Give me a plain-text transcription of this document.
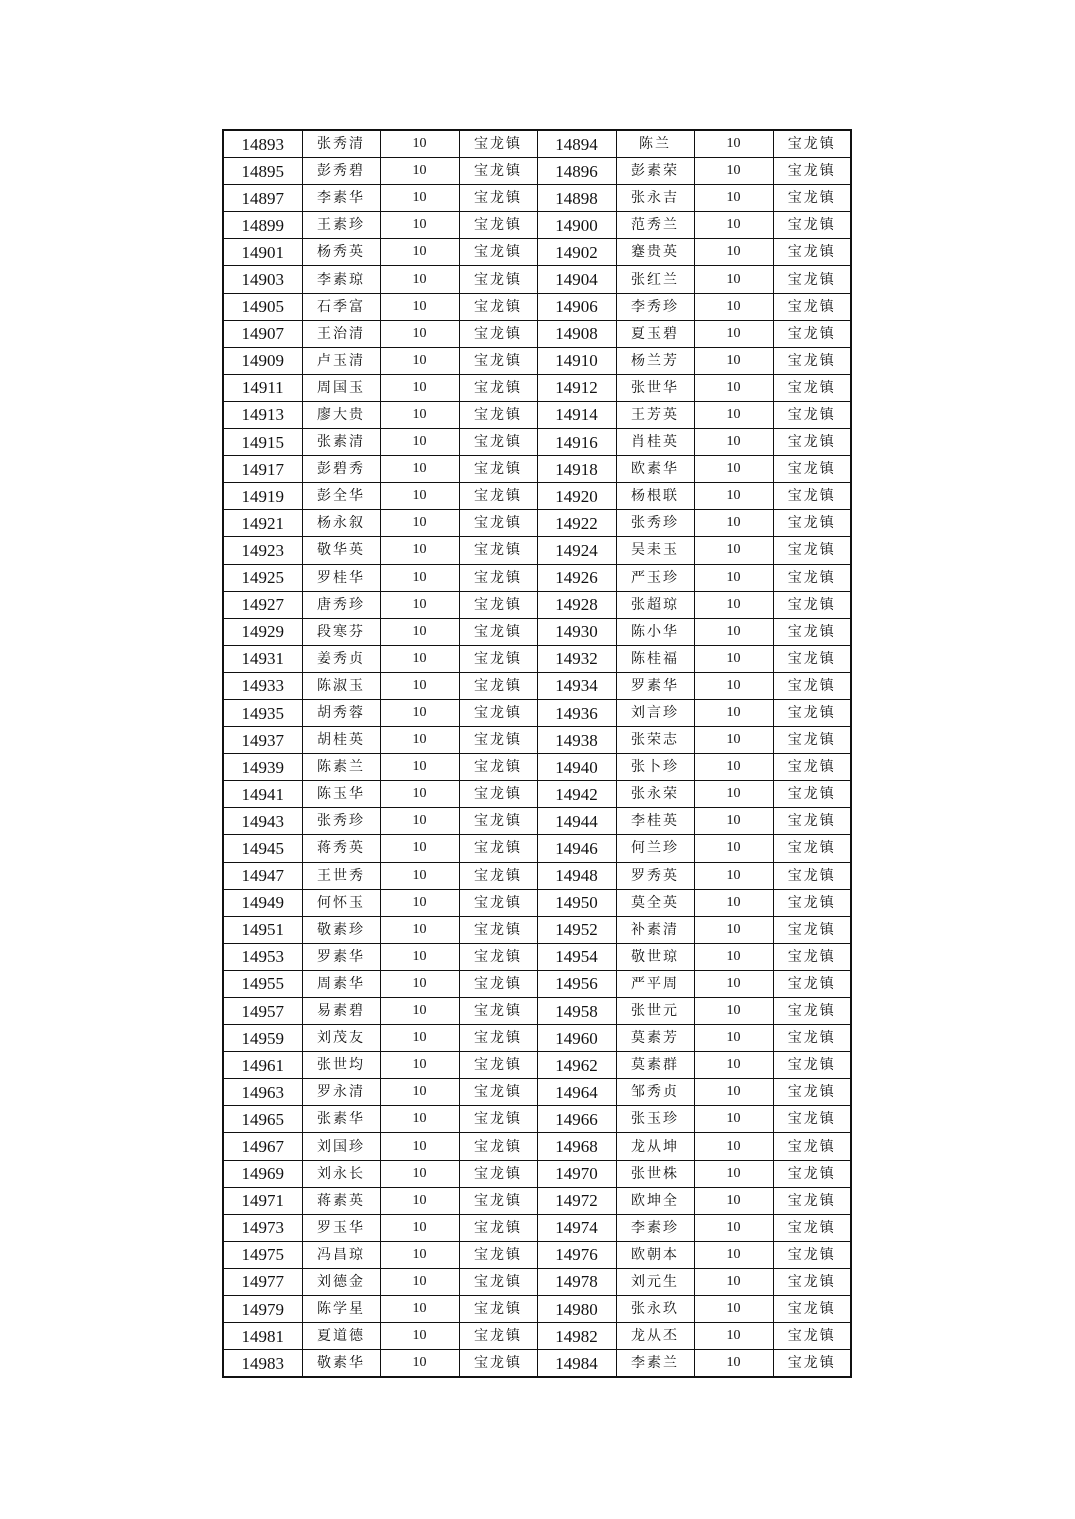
14893	张秀清	10	宝龙镇	14894	陈兰	10	宝龙镇
14895	彭秀碧	10	宝龙镇	14896	彭素荣	10	宝龙镇
14897	李素华	10	宝龙镇	14898	张永吉	10	宝龙镇
14899	王素珍	10	宝龙镇	14900	范秀兰	10	宝龙镇
14901	杨秀英	10	宝龙镇	14902	蹇贵英	10	宝龙镇
14903	李素琼	10	宝龙镇	14904	张红兰	10	宝龙镇
14905	石季富	10	宝龙镇	14906	李秀珍	10	宝龙镇
14907	王治清	10	宝龙镇	14908	夏玉碧	10	宝龙镇
14909	卢玉清	10	宝龙镇	14910	杨兰芳	10	宝龙镇
14911	周国玉	10	宝龙镇	14912	张世华	10	宝龙镇
14913	廖大贵	10	宝龙镇	14914	王芳英	10	宝龙镇
14915	张素清	10	宝龙镇	14916	肖桂英	10	宝龙镇
14917	彭碧秀	10	宝龙镇	14918	欧素华	10	宝龙镇
14919	彭全华	10	宝龙镇	14920	杨根联	10	宝龙镇
14921	杨永叙	10	宝龙镇	14922	张秀珍	10	宝龙镇
14923	敬华英	10	宝龙镇	14924	吴耒玉	10	宝龙镇
14925	罗桂华	10	宝龙镇	14926	严玉珍	10	宝龙镇
14927	唐秀珍	10	宝龙镇	14928	张超琼	10	宝龙镇
14929	段寒芬	10	宝龙镇	14930	陈小华	10	宝龙镇
14931	姜秀贞	10	宝龙镇	14932	陈桂福	10	宝龙镇
14933	陈淑玉	10	宝龙镇	14934	罗素华	10	宝龙镇
14935	胡秀蓉	10	宝龙镇	14936	刘言珍	10	宝龙镇
14937	胡桂英	10	宝龙镇	14938	张荣志	10	宝龙镇
14939	陈素兰	10	宝龙镇	14940	张卜珍	10	宝龙镇
14941	陈玉华	10	宝龙镇	14942	张永荣	10	宝龙镇
14943	张秀珍	10	宝龙镇	14944	李桂英	10	宝龙镇
14945	蒋秀英	10	宝龙镇	14946	何兰珍	10	宝龙镇
14947	王世秀	10	宝龙镇	14948	罗秀英	10	宝龙镇
14949	何怀玉	10	宝龙镇	14950	莫全英	10	宝龙镇
14951	敬素珍	10	宝龙镇	14952	补素清	10	宝龙镇
14953	罗素华	10	宝龙镇	14954	敬世琼	10	宝龙镇
14955	周素华	10	宝龙镇	14956	严平周	10	宝龙镇
14957	易素碧	10	宝龙镇	14958	张世元	10	宝龙镇
14959	刘茂友	10	宝龙镇	14960	莫素芳	10	宝龙镇
14961	张世均	10	宝龙镇	14962	莫素群	10	宝龙镇
14963	罗永清	10	宝龙镇	14964	邹秀贞	10	宝龙镇
14965	张素华	10	宝龙镇	14966	张玉珍	10	宝龙镇
14967	刘国珍	10	宝龙镇	14968	龙从坤	10	宝龙镇
14969	刘永长	10	宝龙镇	14970	张世株	10	宝龙镇
14971	蒋素英	10	宝龙镇	14972	欧坤全	10	宝龙镇
14973	罗玉华	10	宝龙镇	14974	李素珍	10	宝龙镇
14975	冯昌琼	10	宝龙镇	14976	欧朝本	10	宝龙镇
14977	刘德金	10	宝龙镇	14978	刘元生	10	宝龙镇
14979	陈学星	10	宝龙镇	14980	张永玖	10	宝龙镇
14981	夏道德	10	宝龙镇	14982	龙从丕	10	宝龙镇
14983	敬素华	10	宝龙镇	14984	李素兰	10	宝龙镇
